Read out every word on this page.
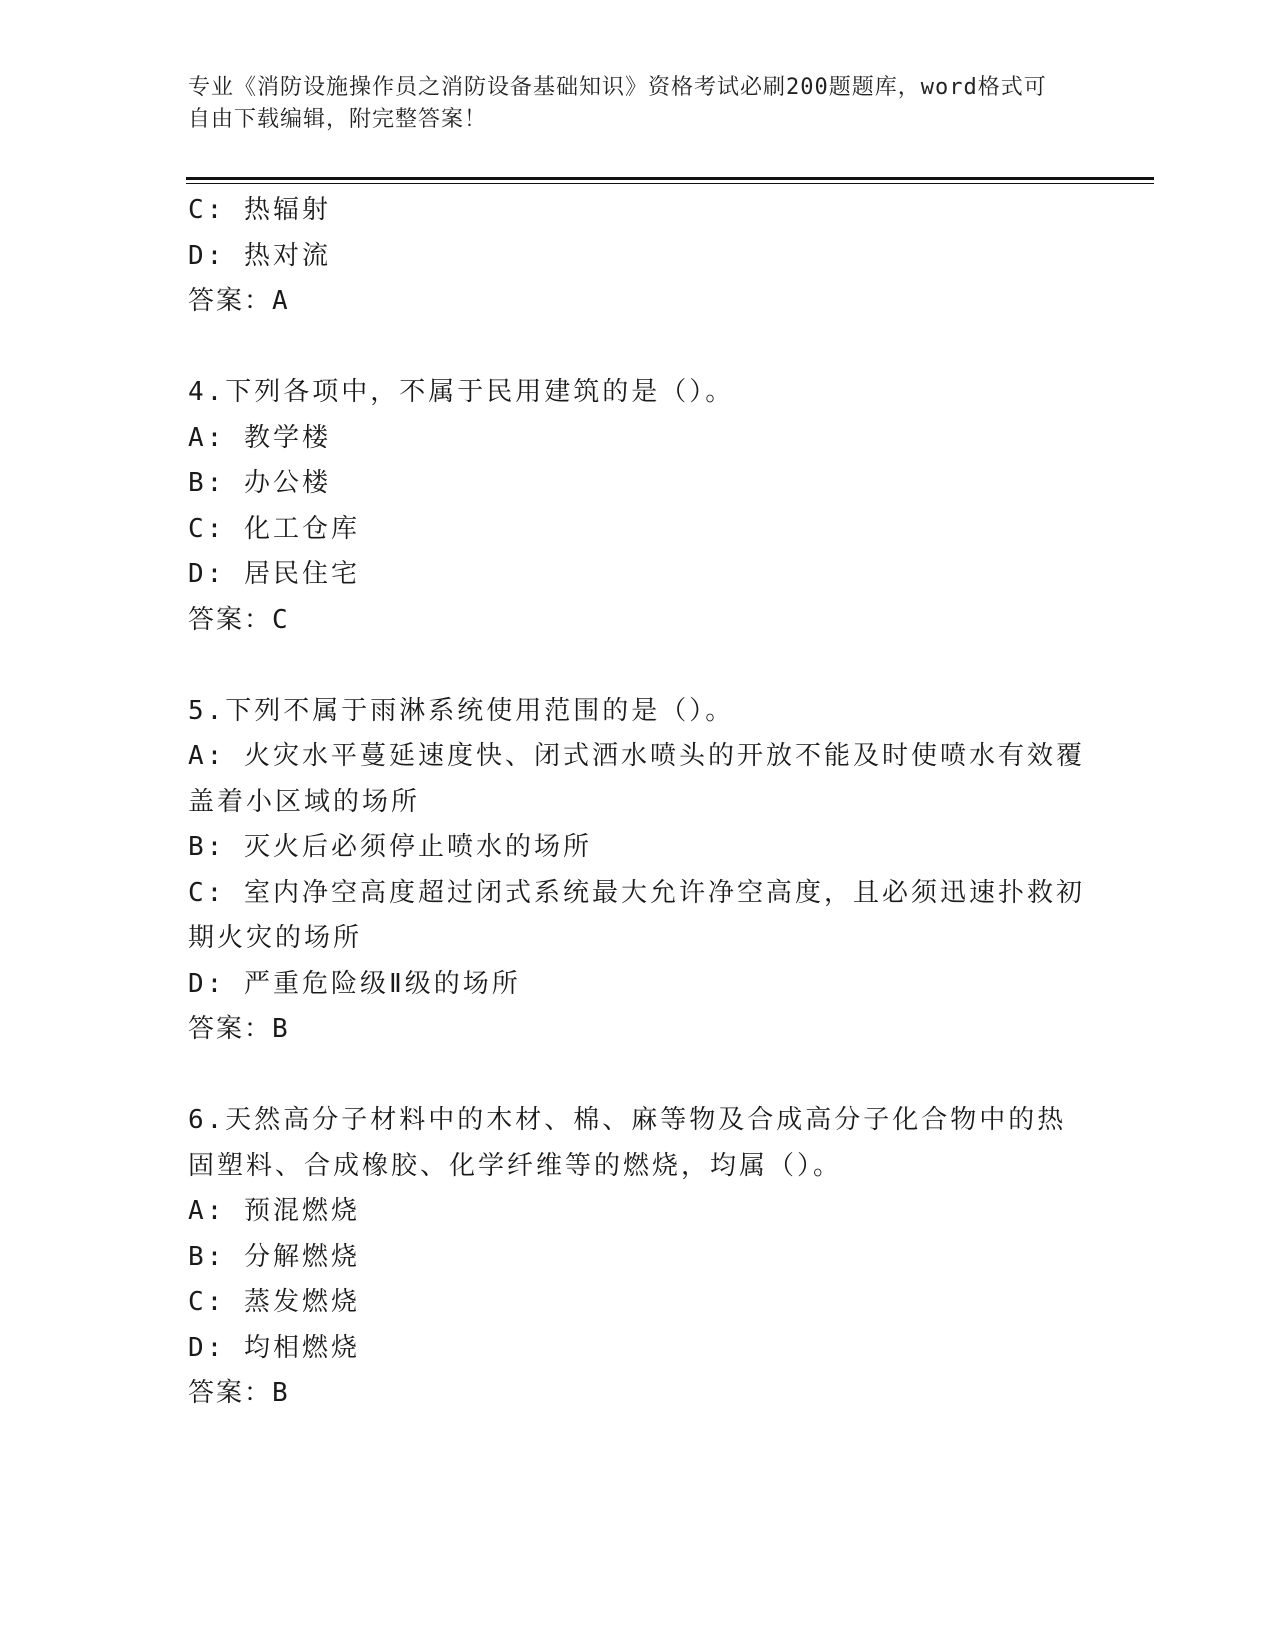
专业《消防设施操作员之消防设备基础知识》资格考试必刷200题题库，word格式可自由下载编辑，附完整答案！

C: 热辐射

D: 热对流

答案：A

4.下列各项中，不属于民用建筑的是（）。

A: 教学楼

B: 办公楼

C: 化工仓库

D: 居民住宅

答案：C

5.下列不属于雨淋系统使用范围的是（）。

A: 火灾水平蔓延速度快、闭式洒水喷头的开放不能及时使喷水有效覆盖着小区域的场所

B: 灭火后必须停止喷水的场所

C: 室内净空高度超过闭式系统最大允许净空高度，且必须迅速扑救初期火灾的场所

D: 严重危险级Ⅱ级的场所

答案：B

6.天然高分子材料中的木材、棉、麻等物及合成高分子化合物中的热固塑料、合成橡胶、化学纤维等的燃烧，均属（）。

A: 预混燃烧

B: 分解燃烧

C: 蒸发燃烧

D: 均相燃烧

答案：B
